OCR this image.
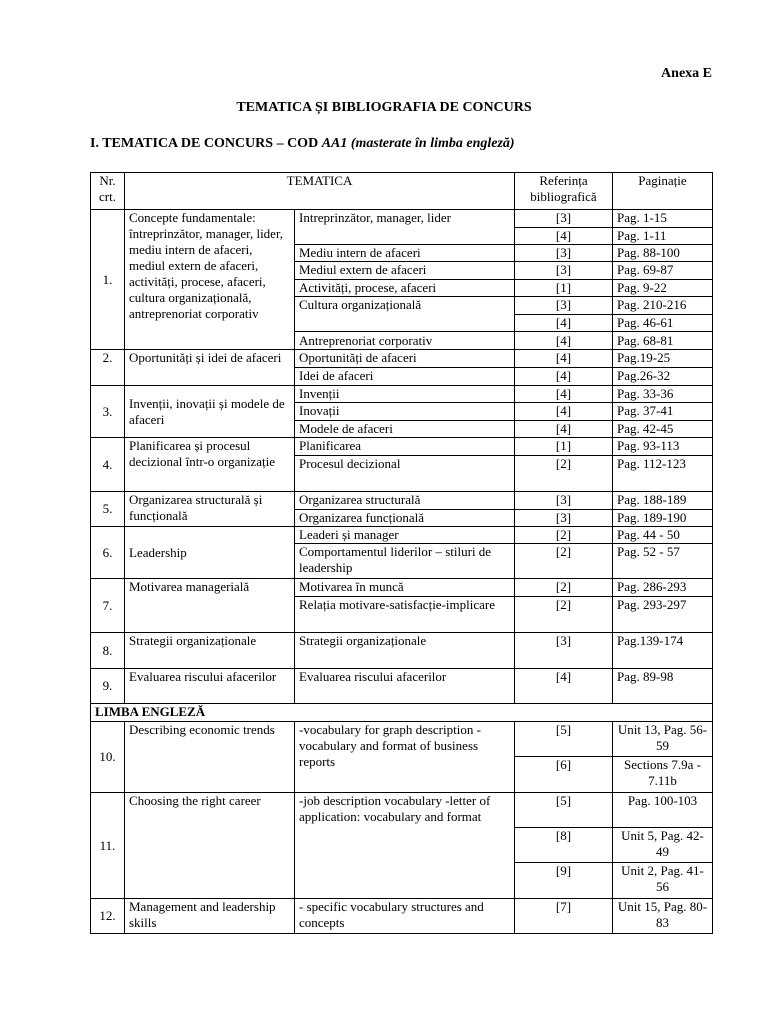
Anexa E
TEMATICA ȘI BIBLIOGRAFIA DE CONCURS
I. TEMATICA DE CONCURS – COD AA1 (masterate în limba engleză)
Nr. crt.	TEMATICA		Referința bibliografică	Paginație
1.	Concepte fundamentale: întreprinzător, manager, lider, mediu intern de afaceri, mediul extern de afaceri, activități, procese, afaceri, cultura organizațională, antreprenoriat corporativ	Intreprinzător, manager, lider	[3]	Pag. 1-15
			[4]	Pag. 1-11
		Mediu intern de afaceri	[3]	Pag. 88-100
		Mediul extern de afaceri	[3]	Pag. 69-87
		Activități, procese, afaceri	[1]	Pag. 9-22
		Cultura organizațională	[3]	Pag. 210-216
			[4]	Pag. 46-61
		Antreprenoriat corporativ	[4]	Pag. 68-81

2.	Oportunități și idei de afaceri	Oportunități de afaceri	[4]	Pag.19-25
		Idei de afaceri	[4]	Pag.26-32
3.	Invenții, inovații și modele de afaceri	Invenții	[4]	Pag. 33-36
		Inovații	[4]	Pag. 37-41
		Modele de afaceri	[4]	Pag. 42-45
4.	Planificarea și procesul decizional într-o organizație	Planificarea	[1]	Pag. 93-113
		Procesul decizional	[2]	Pag. 112-123
5.	Organizarea structurală și funcțională	Organizarea structurală	[3]	Pag. 188-189
		Organizarea funcțională	[3]	Pag. 189-190
6.	Leadership	Leaderi și manager	[2]	Pag. 44 - 50
		Comportamentul liderilor – stiluri de leadership	[2]	Pag. 52 - 57
7.	Motivarea managerială	Motivarea în muncă	[2]	Pag. 286-293
		Relația motivare-satisfacție-implicare	[2]	Pag. 293-297
8.	Strategii organizaționale	Strategii organizaționale	[3]	Pag.139-174
9.	Evaluarea riscului afacerilor	Evaluarea riscului afacerilor	[4]	Pag. 89-98
LIMBA ENGLEZĂ				
10.	Describing economic trends	-vocabulary for graph description -vocabulary and format of business reports	[5]	Unit 13, Pag. 56-59
			[6]	Sections 7.9a - 7.11b
11.	Choosing the right career	-job description vocabulary -letter of application: vocabulary and format	[5]	Pag. 100-103
			[8]	Unit 5, Pag. 42-49
			[9]	Unit 2, Pag. 41-56
12.	Management and leadership skills	- specific vocabulary structures and concepts	[7]	Unit 15, Pag. 80-83
